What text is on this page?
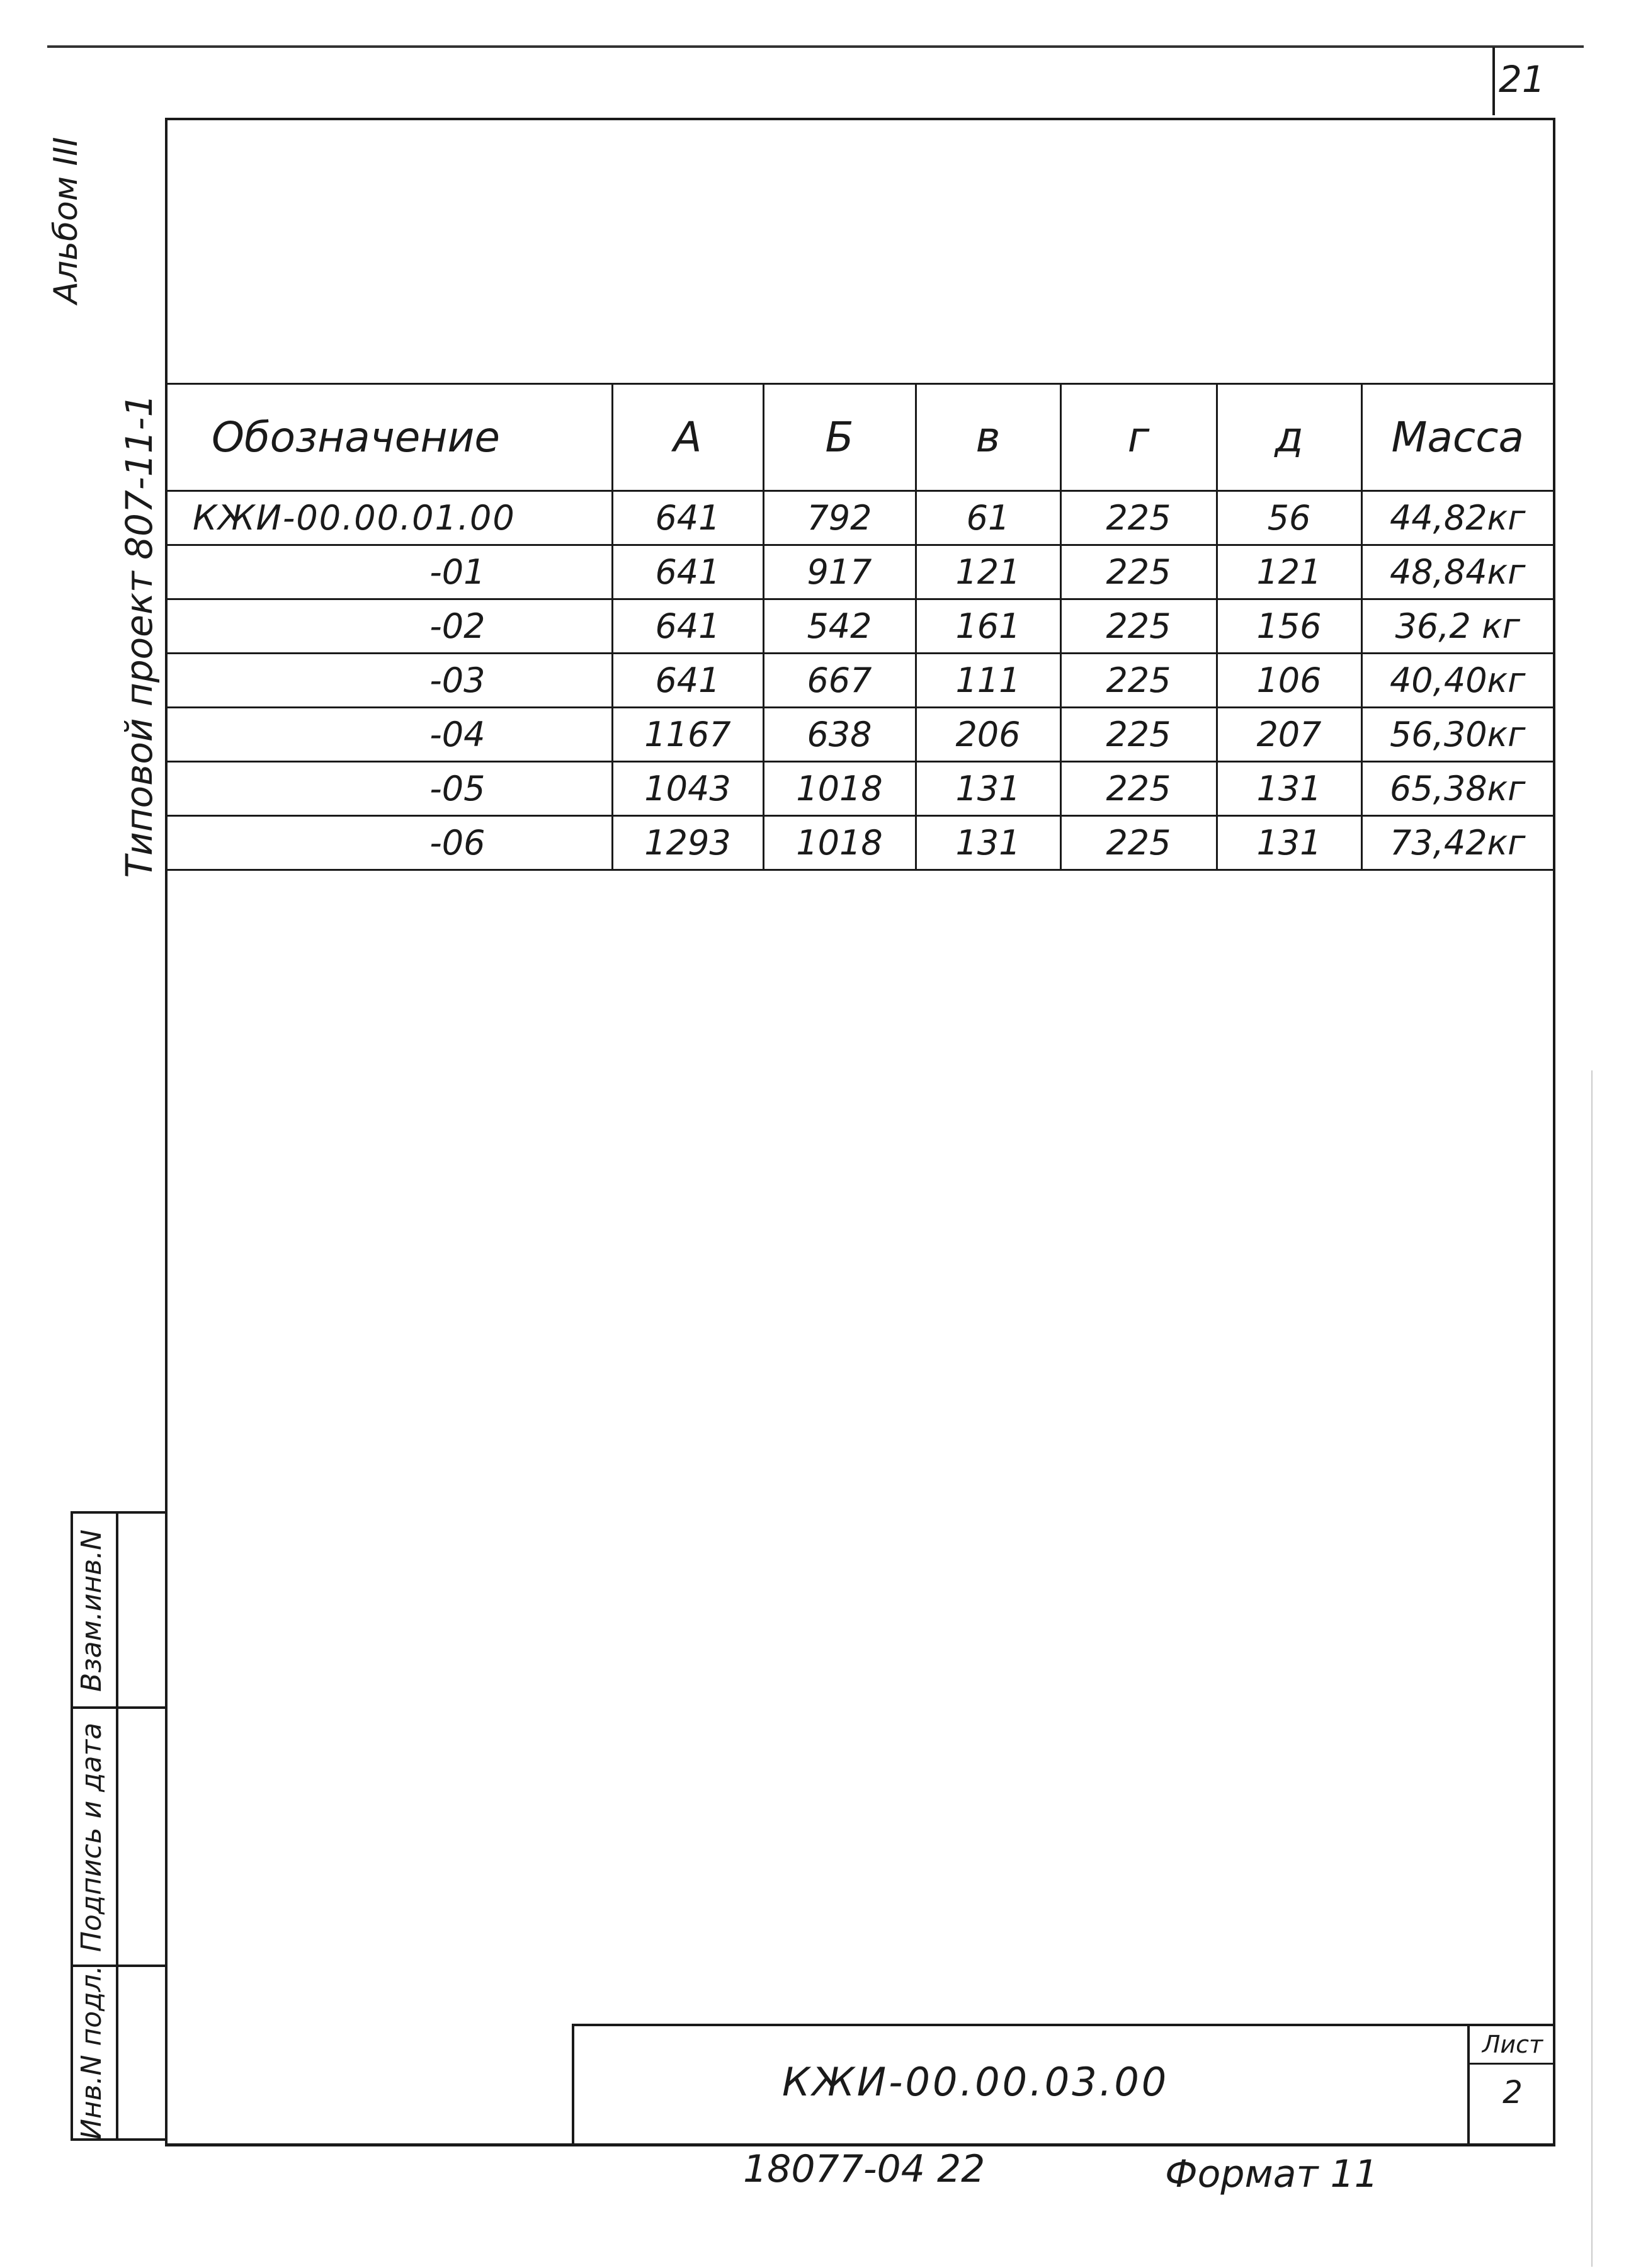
21
Альбом III
Типовой проект 807-11-1 Обозначение	А	Б	в	г	д	Масса
КЖИ-00.00.01.00	641	792	61	225	56	44,82кг
-01	641	917	121	225	121	48,84кг
-02	641	542	161	225	156	36,2 кг
-03	641	667	111	225	106	40,40кг
-04	1167	638	206	225	207	56,30кг
-05	1043	1018	131	225	131	65,38кг
-06	1293	1018	131	225	131	73,42кг
Взам.инв.N
Подпись и дата
Инв.N подл.	КЖИ-00.00.03.00
Лист
2
18077-04 22	Формат 11
